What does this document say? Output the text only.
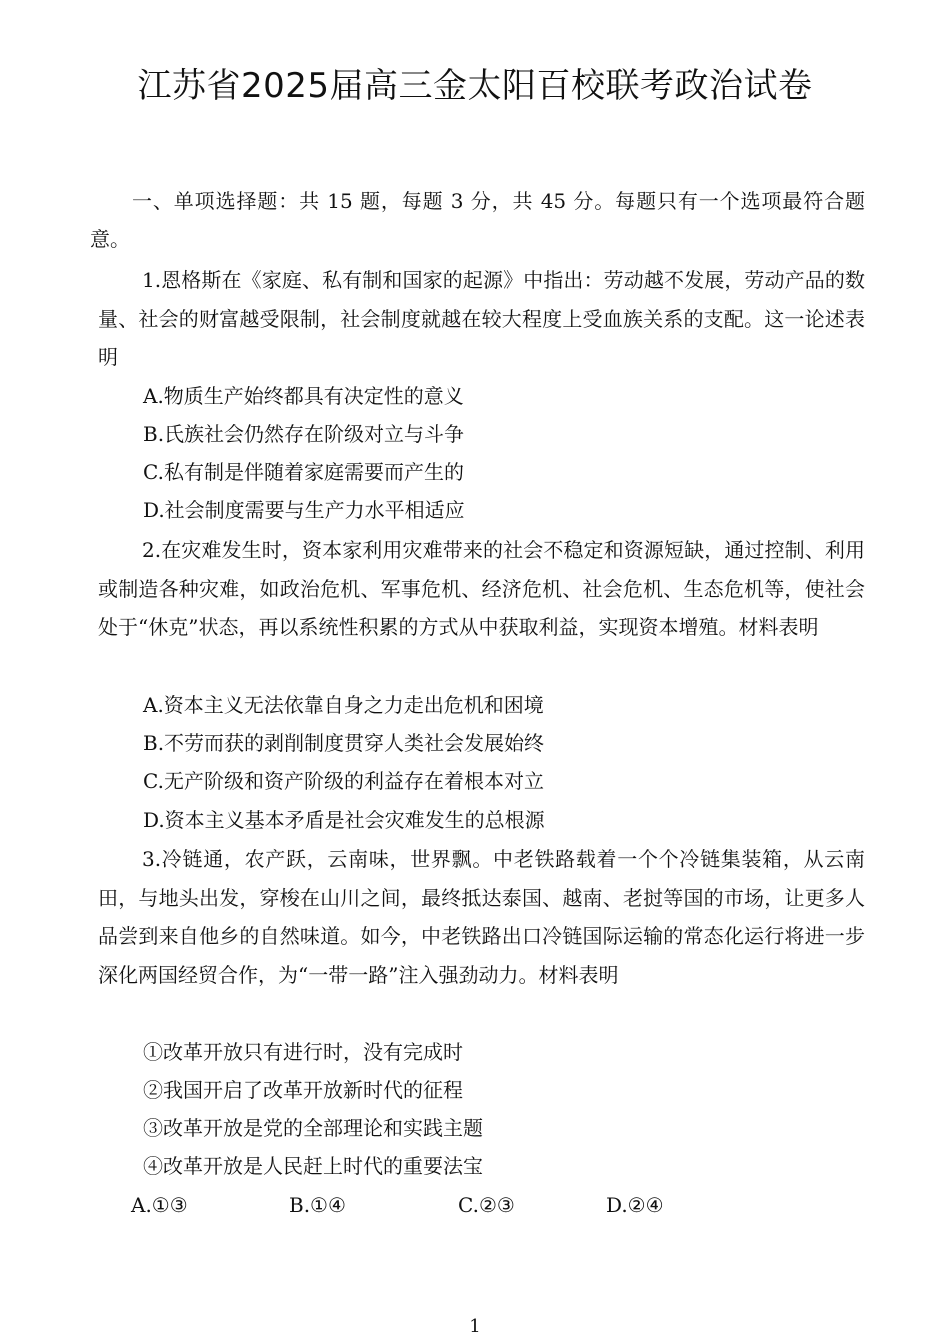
江苏省2025届高三金太阳百校联考政治试卷
一、单项选择题：共 15 题，每题 3 分，共 45 分。每题只有一个选项最符合题意。
1.恩格斯在《家庭、私有制和国家的起源》中指出：劳动越不发展，劳动产品的数量、社会的财富越受限制，社会制度就越在较大程度上受血族关系的支配。这一论述表明
A.物质生产始终都具有决定性的意义
B.氏族社会仍然存在阶级对立与斗争
C.私有制是伴随着家庭需要而产生的
D.社会制度需要与生产力水平相适应
2.在灾难发生时，资本家利用灾难带来的社会不稳定和资源短缺，通过控制、利用或制造各种灾难，如政治危机、军事危机、经济危机、社会危机、生态危机等，使社会处于“休克”状态，再以系统性积累的方式从中获取利益，实现资本增殖。材料表明
A.资本主义无法依靠自身之力走出危机和困境
B.不劳而获的剥削制度贯穿人类社会发展始终
C.无产阶级和资产阶级的利益存在着根本对立
D.资本主义基本矛盾是社会灾难发生的总根源
3.冷链通，农产跃，云南味，世界飘。中老铁路载着一个个冷链集装箱，从云南田，与地头出发，穿梭在山川之间，最终抵达泰国、越南、老挝等国的市场，让更多人品尝到来自他乡的自然味道。如今，中老铁路出口冷链国际运输的常态化运行将进一步深化两国经贸合作，为“一带一路”注入强劲动力。材料表明
①改革开放只有进行时，没有完成时
②我国开启了改革开放新时代的征程
③改革开放是党的全部理论和实践主题
④改革开放是人民赶上时代的重要法宝
A.①③	B.①④	C.②③	D.②④
1
